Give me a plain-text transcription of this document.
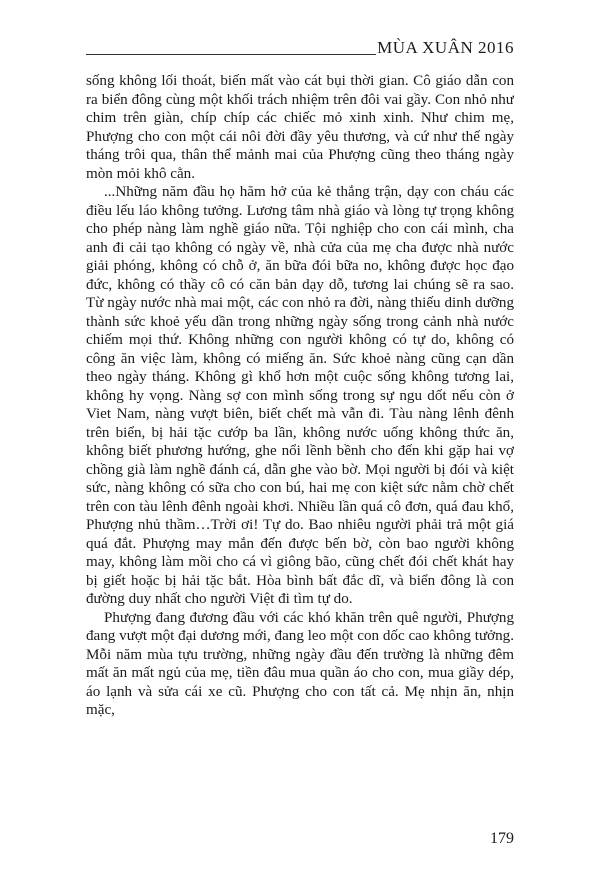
MÙA XUÂN 2016

sống không lối thoát, biến mất vào cát bụi thời gian. Cô giáo dẫn con ra biển đông cùng một khối trách nhiệm trên đôi vai gầy. Con nhỏ như chim trên giàn, chíp chíp các chiếc mỏ xinh xinh. Như chim mẹ, Phượng cho con một cái nôi đời đầy yêu thương, và cứ như thế ngày tháng trôi qua, thân thể mảnh mai của Phượng cũng theo tháng ngày mòn mỏi khô cằn.

...Những năm đầu họ hăm hở của kẻ thắng trận, dạy con cháu các điều lếu láo không tưởng. Lương tâm nhà giáo và lòng tự trọng không cho phép nàng làm nghề giáo nữa. Tội nghiệp cho con cái mình, cha anh đi cải tạo không có ngày về, nhà cửa của mẹ cha được nhà nước giải phóng, không có chỗ ở, ăn bữa đói bữa no, không được học đạo đức, không có thầy cô có căn bản dạy dỗ, tương lai chúng sẽ ra sao. Từ ngày nước nhà mai một, các con nhỏ ra đời, nàng thiếu dinh dưỡng thành sức khoẻ yếu dần trong những ngày sống trong cảnh nhà nước chiếm mọi thứ. Không những con người không có tự do, không có công ăn việc làm, không có miếng ăn. Sức khoẻ nàng cũng cạn dần theo ngày tháng. Không gì khổ hơn một cuộc sống không tương lai, không hy vọng. Nàng sợ con mình sống trong sự ngu dốt nếu còn ở Viet Nam, nàng vượt biên, biết chết mà vẫn đi. Tàu nàng lênh đênh trên biển, bị hải tặc cướp ba lần, không nước uống không thức ăn, không biết phương hướng, ghe nổi lềnh bềnh cho đến khi gặp hai vợ chồng già làm nghề đánh cá, dẫn ghe vào bờ. Mọi người bị đói và kiệt sức, nàng không có sữa cho con bú, hai mẹ con kiệt sức nằm chờ chết trên con tàu lênh đênh ngoài khơi. Nhiều lần quá cô đơn, quá đau khổ, Phượng nhủ thầm…Trời ơi! Tự do. Bao nhiêu người phải trả một giá quá đắt. Phượng may mắn đến được bến bờ, còn bao người không may, không làm mồi cho cá vì giông bão, cũng chết đói chết khát hay bị giết hoặc bị hải tặc bắt. Hòa bình bất đắc dĩ, và biển đông là con đường duy nhất cho người Việt đi tìm tự do.

Phượng đang đương đầu với các khó khăn trên quê người, Phượng đang vượt một đại dương mới, đang leo một con dốc cao không tưởng. Mỗi năm mùa tựu trường, những ngày đầu đến trường là những đêm mất ăn mất ngủ của mẹ, tiền đâu mua quần áo cho con, mua giầy dép, áo lạnh và sửa cái xe cũ. Phượng cho con tất cả. Mẹ nhịn ăn, nhịn mặc,

179
